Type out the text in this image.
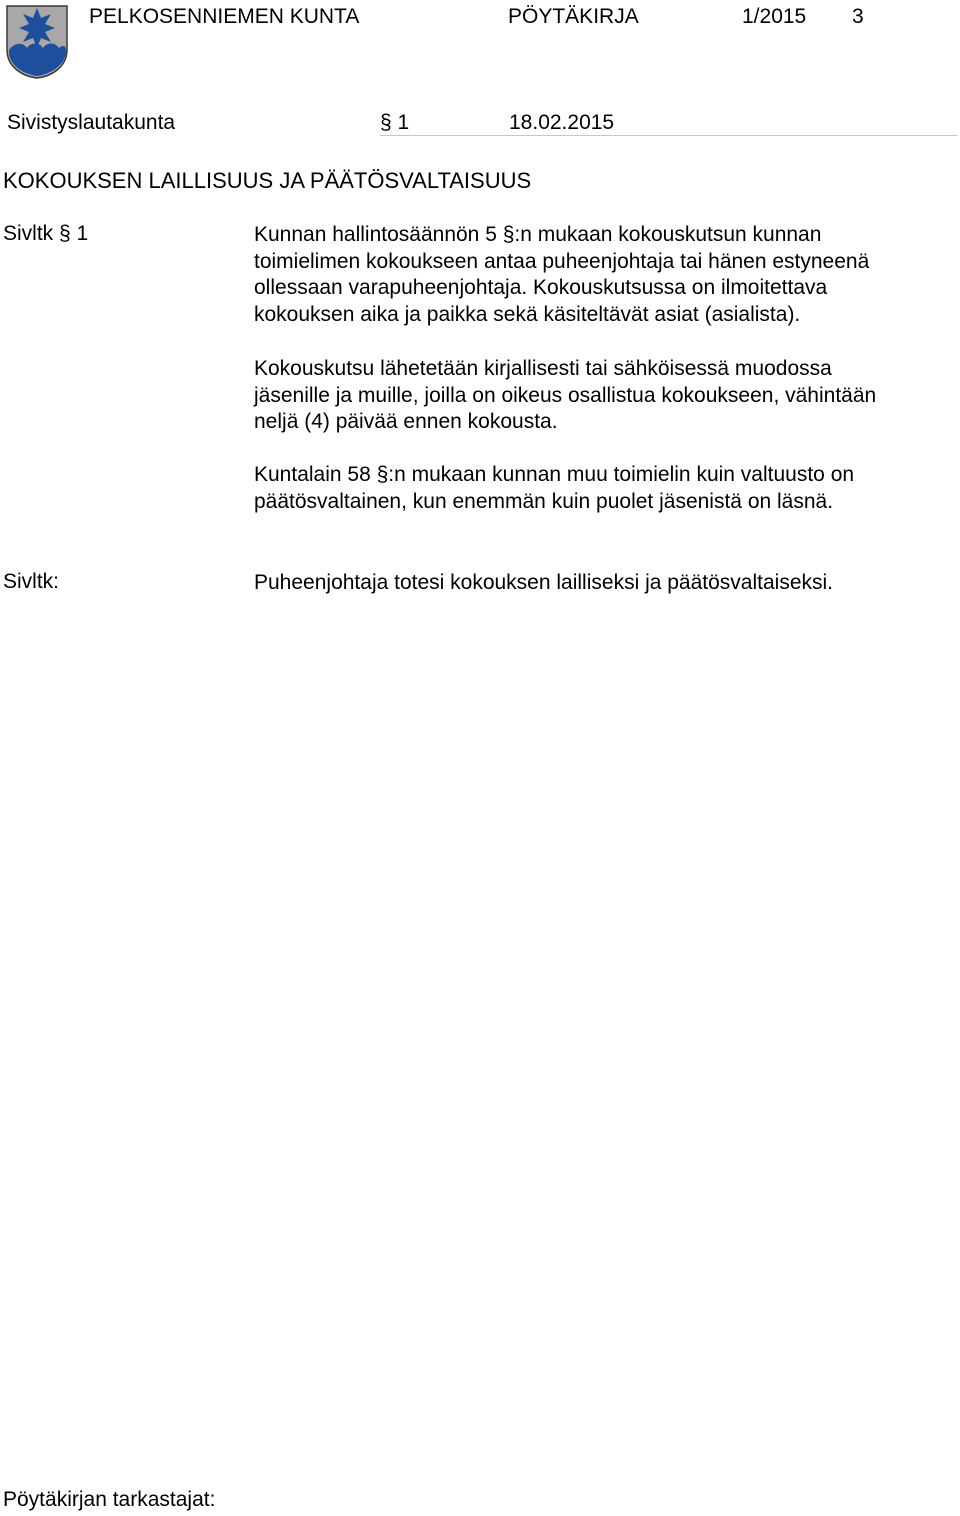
PELKOSENNIEMEN KUNTA	PÖYTÄKIRJA	1/2015 3
Sivistyslautakunta	§ 1	18.02.2015
KOKOUKSEN LAILLISUUS JA PÄÄTÖSVALTAISUUS
Sivltk § 1	Kunnan hallintosäännön 5 §:n mukaan kokouskutsun kunnan
toimielimen kokoukseen antaa puheenjohtaja tai hänen estyneenä
ollessaan varapuheenjohtaja. Kokouskutsussa on ilmoitettava
kokouksen aika ja paikka sekä käsiteltävät asiat (asialista).
Kokouskutsu lähetetään kirjallisesti tai sähköisessä muodossa
jäsenille ja muille, joilla on oikeus osallistua kokoukseen, vähintään
neljä (4) päivää ennen kokousta.
Kuntalain 58 §:n mukaan kunnan muu toimielin kuin valtuusto on
päätösvaltainen, kun enemmän kuin puolet jäsenistä on läsnä.
Sivltk:	Puheenjohtaja totesi kokouksen lailliseksi ja päätösvaltaiseksi.
Pöytäkirjan tarkastajat:
